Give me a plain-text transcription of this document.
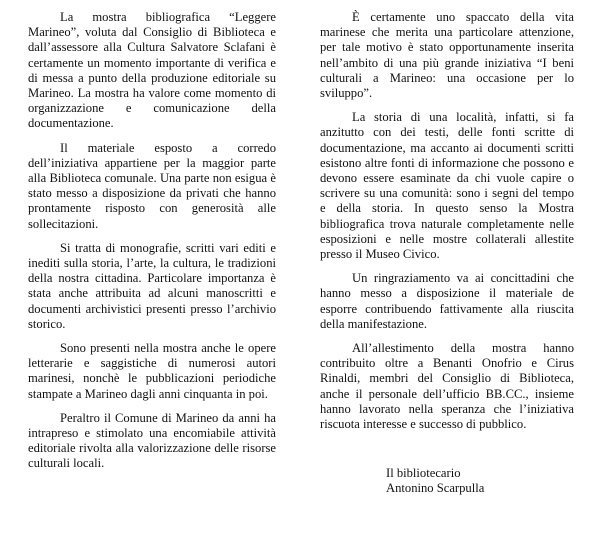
La mostra bibliografica “Leggere Marineo”, voluta dal Consiglio di Biblioteca e dall’assessore alla Cultura Salvatore Sclafani è certamente un momento importante di verifica e di messa a punto della produzione editoriale su Marineo. La mostra ha valore come momento di organizzazione e comunicazione della documentazione.

Il materiale esposto a corredo dell’iniziativa appartiene per la maggior parte alla Biblioteca comunale. Una parte non esigua è stato messo a disposizione da privati che hanno prontamente risposto con generosità alle sollecitazioni.

Si tratta di monografie, scritti vari editi e inediti sulla storia, l’arte, la cultura, le tradizioni della nostra cittadina. Particolare importanza è stata anche attribuita ad alcuni manoscritti e documenti archivistici presenti presso l’archivio storico.

Sono presenti nella mostra anche le opere letterarie e saggistiche di numerosi autori marinesi, nonchè le pubblicazioni periodiche stampate a Marineo dagli anni cinquanta in poi.

Peraltro il Comune di Marineo da anni ha intrapreso e stimolato una encomiabile attività editoriale rivolta alla valorizzazione delle risorse culturali locali.

È certamente uno spaccato della vita marinese che merita una particolare attenzione, per tale motivo è stato opportunamente inserita nell’ambito di una più grande iniziativa “I beni culturali a Marineo: una occasione per lo sviluppo”.

La storia di una località, infatti, si fa anzitutto con dei testi, delle fonti scritte di documentazione, ma accanto ai documenti scritti esistono altre fonti di informazione che possono e devono essere esaminate da chi vuole capire o scrivere su una comunità: sono i segni del tempo e della storia. In questo senso la Mostra bibliografica trova naturale completamente nelle esposizioni e nelle mostre collaterali allestite presso il Museo Civico.

Un ringraziamento va ai concittadini che hanno messo a disposizione il materiale de esporre contribuendo fattivamente alla riuscita della manifestazione.

All’allestimento della mostra hanno contribuito oltre a Benanti Onofrio e Cirus Rinaldi, membri del Consiglio di Biblioteca, anche il personale dell’ufficio BB.CC., insieme hanno lavorato nella speranza che l’iniziativa riscuota interesse e successo di pubblico.

Il bibliotecario
Antonino Scarpulla
